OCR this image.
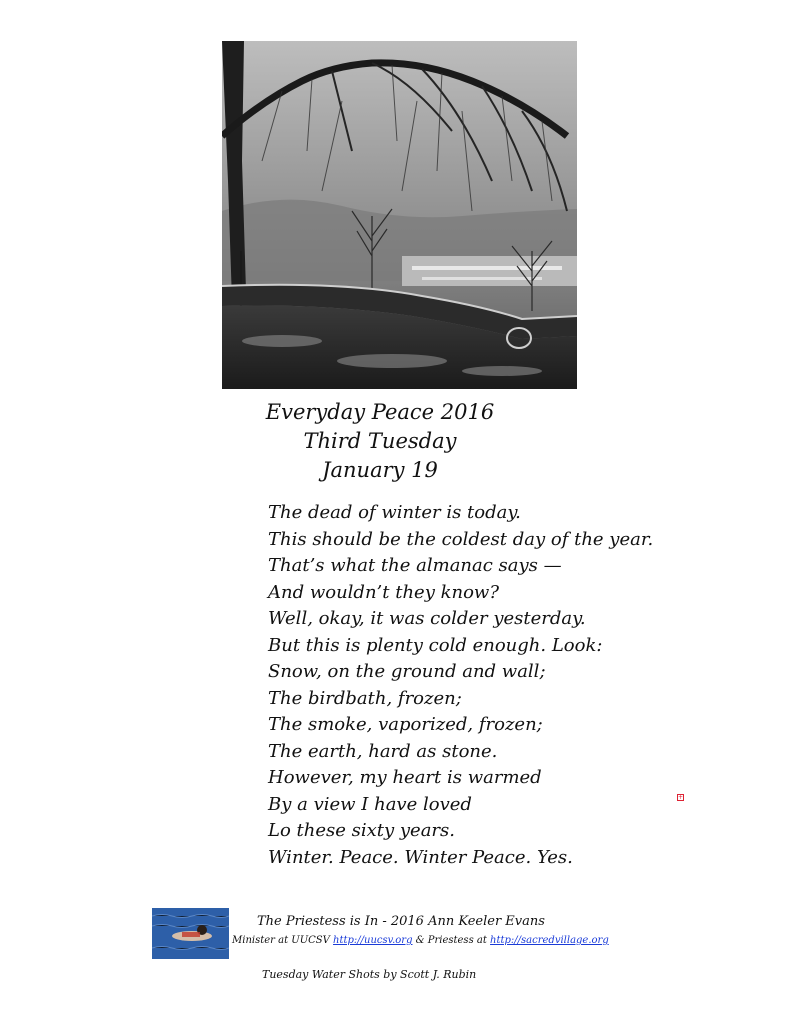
Everyday Peace 2016
Third Tuesday
January 19
The dead of winter is today.
This should be the coldest day of the year.
That’s what the almanac says —
And wouldn’t they know?
Well, okay, it was colder yesterday.
But this is plenty cold enough. Look:
Snow, on the ground and wall;
The birdbath, frozen;
The smoke, vaporized, frozen;
The earth, hard as stone.
However, my heart is warmed
By a view I have loved
Lo these sixty years.
Winter. Peace. Winter Peace. Yes.
+
The Priestess is In - 2016 Ann Keeler Evans
Minister at UUCSV http://uucsv.org & Priestess at http://sacredvillage.org
Tuesday Water Shots by Scott J. Rubin
